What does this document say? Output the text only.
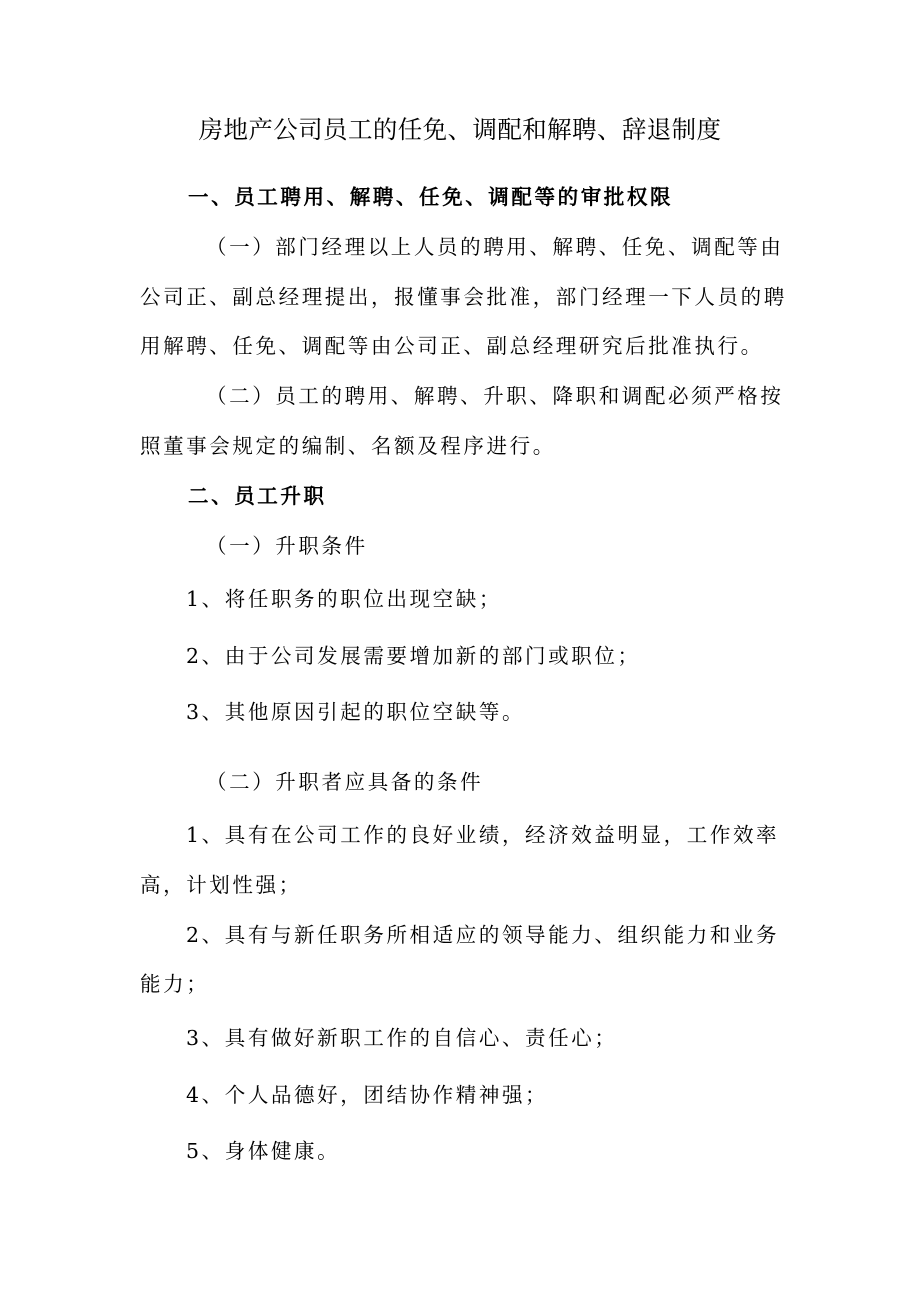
房地产公司员工的任免、调配和解聘、辞退制度
一、员工聘用、解聘、任免、调配等的审批权限
（一）部门经理以上人员的聘用、解聘、任免、调配等由
公司正、副总经理提出，报懂事会批准，部门经理一下人员的聘
用解聘、任免、调配等由公司正、副总经理研究后批准执行。
（二）员工的聘用、解聘、升职、降职和调配必须严格按
照董事会规定的编制、名额及程序进行。
二、员工升职
（一）升职条件
1、将任职务的职位出现空缺；
2、由于公司发展需要增加新的部门或职位；
3、其他原因引起的职位空缺等。
（二）升职者应具备的条件
1、具有在公司工作的良好业绩，经济效益明显，工作效率
高，计划性强；
2、具有与新任职务所相适应的领导能力、组织能力和业务
能力；
3、具有做好新职工作的自信心、责任心；
4、个人品德好，团结协作精神强；
5、身体健康。
